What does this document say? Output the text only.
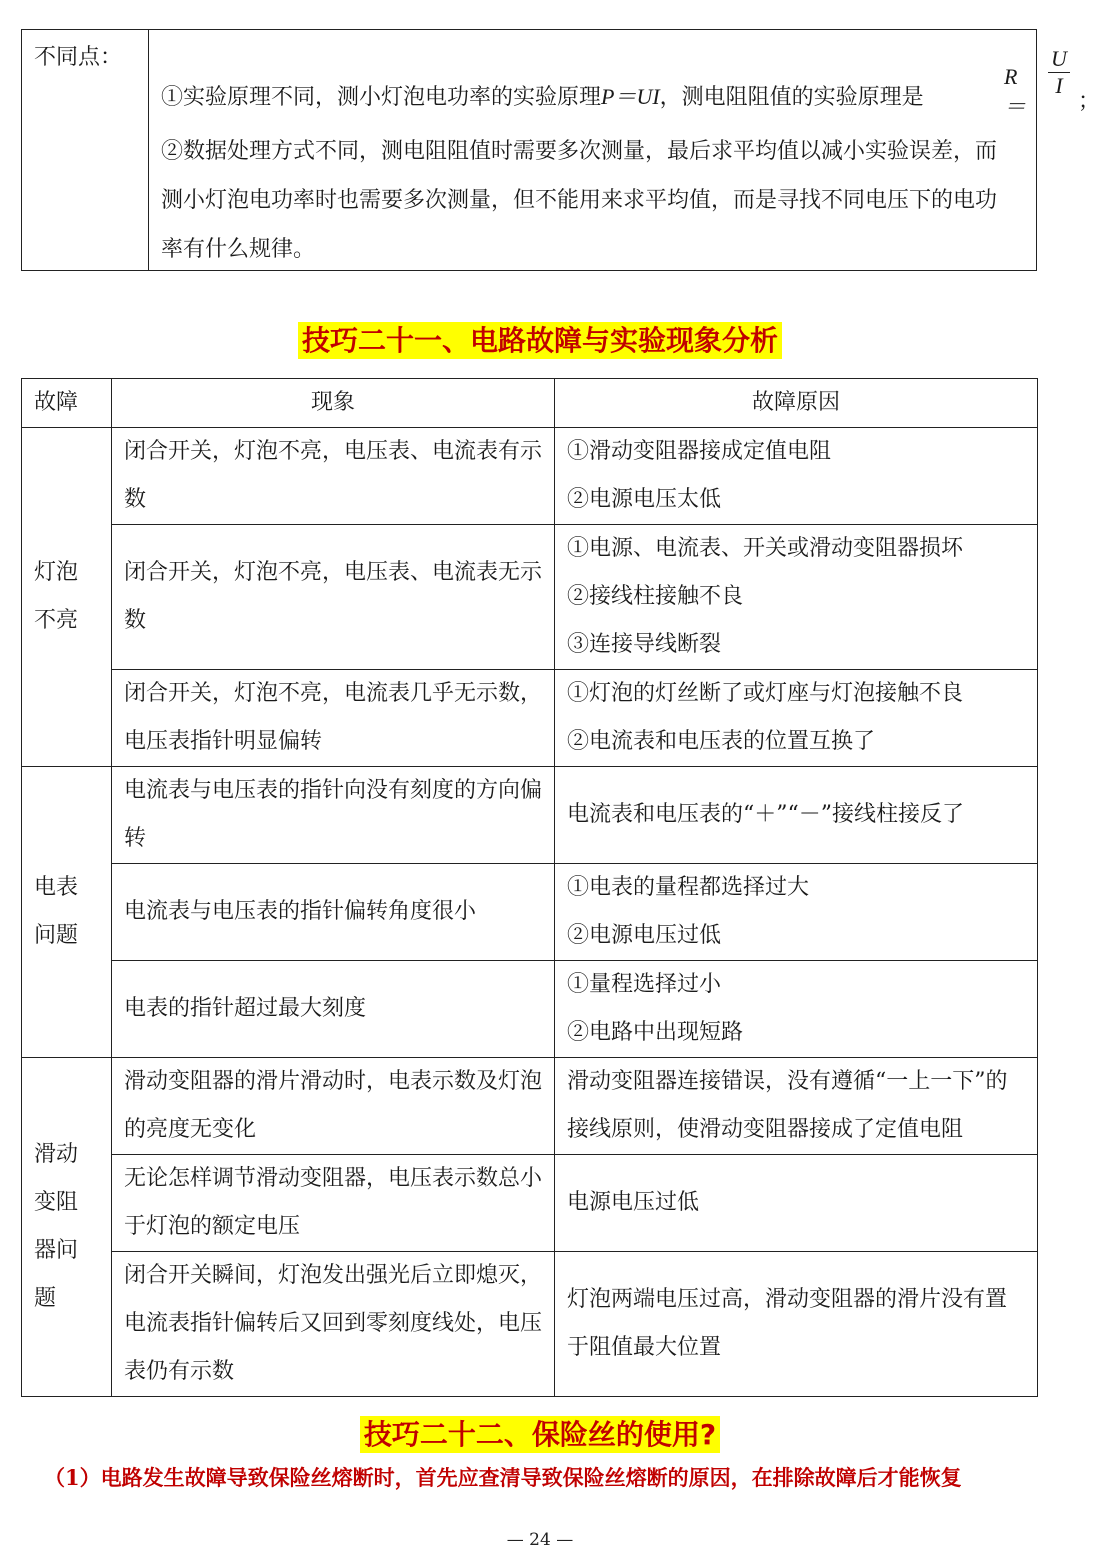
不同点：
①实验原理不同，测小灯泡电功率的实验原理P＝UI，测电阻阻值的实验原理是
R＝
$\frac{U}{I}$
；
②数据处理方式不同，测电阻阻值时需要多次测量，最后求平均值以减小实验误差，而
测小灯泡电功率时也需要多次测量，但不能用来求平均值，而是寻找不同电压下的电功
率有什么规律。
技巧二十一、电路故障与实验现象分析
故障	现象	故障原因
灯泡不亮	闭合开关，灯泡不亮，电压表、电流表有示数	①滑动变阻器接成定值电阻
②电源电压太低

	闭合开关，灯泡不亮，电压表、电流表无示数	①电源、电流表、开关或滑动变阻器损坏
②接线柱接触不良
③连接导线断裂

	闭合开关，灯泡不亮，电流表几乎无示数，电压表指针明显偏转	①灯泡的灯丝断了或灯座与灯泡接触不良
②电流表和电压表的位置互换了

电表问题	电流表与电压表的指针向没有刻度的方向偏转	电流表和电压表的“＋”“－”接线柱接反了
	电流表与电压表的指针偏转角度很小	①电表的量程都选择过大
②电源电压过低

	电表的指针超过最大刻度	①量程选择过小
②电路中出现短路

滑动变阻器问题	滑动变阻器的滑片滑动时，电表示数及灯泡的亮度无变化	滑动变阻器连接错误，没有遵循“一上一下”的接线原则，使滑动变阻器接成了定值电阻
	无论怎样调节滑动变阻器，电压表示数总小于灯泡的额定电压	电源电压过低
	闭合开关瞬间，灯泡发出强光后立即熄灭，电流表指针偏转后又回到零刻度线处，电压表仍有示数	灯泡两端电压过高，滑动变阻器的滑片没有置于阻值最大位置
技巧二十二、保险丝的使用?
（1）电路发生故障导致保险丝熔断时，首先应查清导致保险丝熔断的原因，在排除故障后才能恢复
— 24 —
